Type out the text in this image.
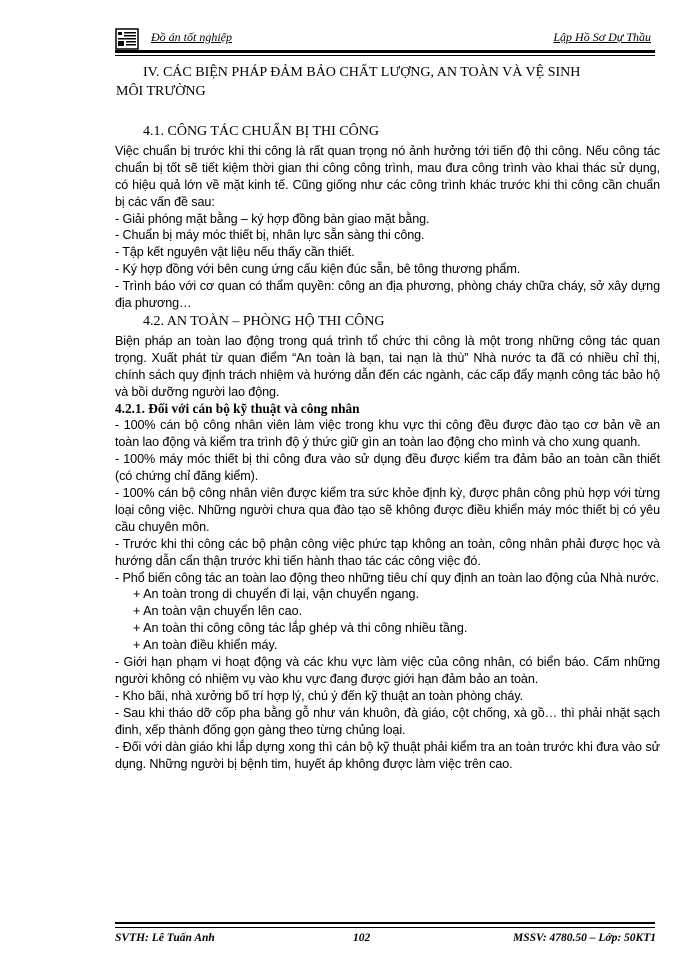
Đồ án tốt nghiệp	Lập Hồ Sơ Dự Thầu
IV. CÁC BIỆN PHÁP ĐẢM BẢO CHẤT LƯỢNG, AN TOÀN VÀ VỆ SINH
MÔI TRƯỜNG
4.1. CÔNG TÁC CHUẨN BỊ THI CÔNG

Việc chuẩn bị trước khi thi công là rất quan trọng nó ảnh hưởng tới tiến độ thi công. Nếu công tác chuẩn bị tốt sẽ tiết kiệm thời gian thi công công trình, mau đưa công trình vào khai thác sử dụng, có hiệu quả lớn về mặt kinh tế. Cũng giống như các công trình khác trước khi thi công cần chuẩn bị các vấn đề sau:

- Giải phóng mặt bằng – ký hợp đồng bàn giao mặt bằng.

- Chuẩn bị máy móc thiết bị, nhân lực sẵn sàng thi công.

- Tập kết nguyên vật liệu nếu thấy cần thiết.

- Ký hợp đồng với bên cung ứng cấu kiện đúc sẵn, bê tông thương phẩm.

- Trình báo với cơ quan có thẩm quyền: công an địa phương, phòng cháy chữa cháy, sở xây dựng địa phương…

4.2. AN TOÀN – PHÒNG HỘ THI CÔNG

Biện pháp an toàn lao động trong quá trình tổ chức thi công là một trong những công tác quan trọng. Xuất phát từ quan điểm “An toàn là bạn, tai nạn là thù” Nhà nước ta đã có nhiều chỉ thị, chính sách quy định trách nhiệm và hướng dẫn đến các ngành, các cấp đẩy mạnh công tác bảo hộ và bồi dưỡng người lao động.

4.2.1. Đối với cán bộ kỹ thuật và công nhân

- 100% cán bộ công nhân viên làm việc trong khu vực thi công đều được đào tạo cơ bản về an toàn lao động và kiểm tra trình độ ý thức giữ gìn an toàn lao động cho mình và cho xung quanh.

- 100% máy móc thiết bị thi công đưa vào sử dụng đều được kiểm tra đảm bảo an toàn cần thiết (có chứng chỉ đăng kiểm).

- 100% cán bộ công nhân viên được kiểm tra sức khỏe định kỳ, được phân công phù hợp với từng loại công việc. Những người chưa qua đào tạo sẽ không được điều khiển máy móc thiết bị có yêu cầu chuyên môn.

- Trước khi thi công các bộ phận công việc phức tạp không an toàn, công nhân phải được học và hướng dẫn cẩn thận trước khi tiến hành thao tác các công việc đó.

- Phổ biến công tác an toàn lao động theo những tiêu chí quy định an toàn lao động của Nhà nước.

+ An toàn trong di chuyển đi lại, vận chuyển ngang.

+ An toàn vận chuyển lên cao.

+ An toàn thi công công tác lắp ghép và thi công nhiều tầng.

+ An toàn điều khiển máy.

- Giới hạn phạm vi hoạt động và các khu vực làm việc của công nhân, có biển báo. Cấm những người không có nhiệm vụ vào khu vực đang được giới hạn đảm bảo an toàn.

- Kho bãi, nhà xưởng bố trí hợp lý, chú ý đến kỹ thuật an toàn phòng cháy.

- Sau khi tháo dỡ cốp pha bằng gỗ như ván khuôn, đà giáo, cột chống, xà gồ… thì phải nhặt sạch đinh, xếp thành đống gọn gàng theo từng chủng loại.

- Đối với dàn giáo khi lắp dựng xong thì cán bộ kỹ thuật phải kiểm tra an toàn trước khi đưa vào sử dụng. Những người bị bệnh tim, huyết áp không được làm việc trên cao.

SVTH: Lê Tuấn Anh	102	MSSV: 4780.50 – Lớp: 50KT1
